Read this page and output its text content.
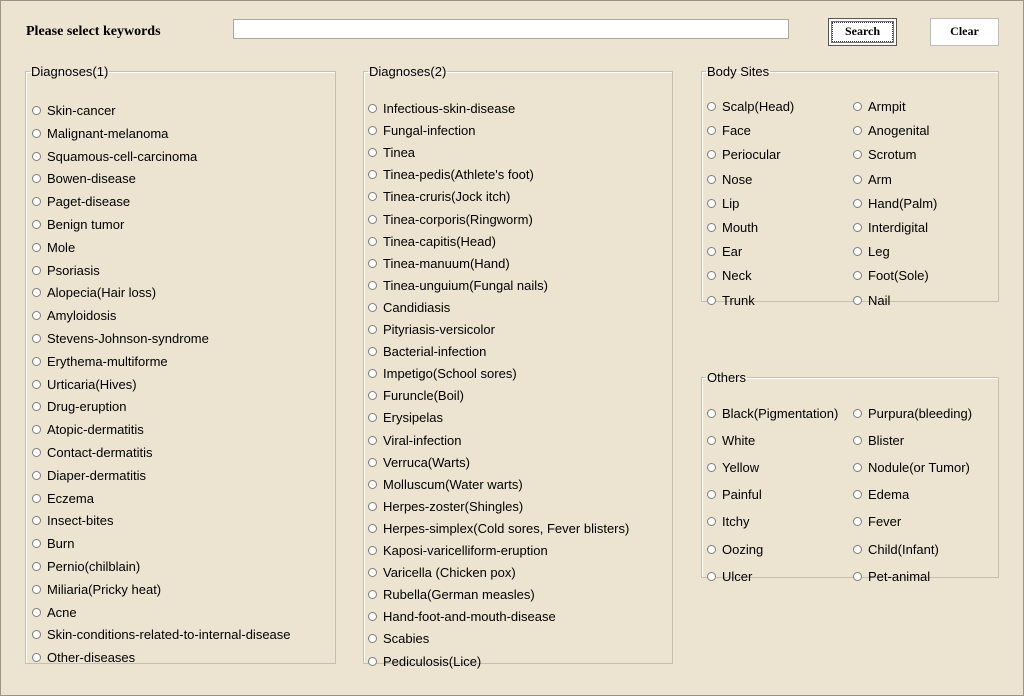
Please select keywords	Search	Clear
Diagnoses(1)
Skin-cancer
Malignant-melanoma
Squamous-cell-carcinoma
Bowen-disease
Paget-disease
Benign tumor
Mole
Psoriasis
Alopecia(Hair loss)
Amyloidosis
Stevens-Johnson-syndrome
Erythema-multiforme
Urticaria(Hives)
Drug-eruption
Atopic-dermatitis
Contact-dermatitis
Diaper-dermatitis
Eczema
Insect-bites
Burn
Pernio(chilblain)
Miliaria(Pricky heat)
Acne
Skin-conditions-related-to-internal-disease
Other-diseases
Diagnoses(2)
Infectious-skin-disease
Fungal-infection
Tinea
Tinea-pedis(Athlete's foot)
Tinea-cruris(Jock itch)
Tinea-corporis(Ringworm)
Tinea-capitis(Head)
Tinea-manuum(Hand)
Tinea-unguium(Fungal nails)
Candidiasis
Pityriasis-versicolor
Bacterial-infection
Impetigo(School sores)
Furuncle(Boil)
Erysipelas
Viral-infection
Verruca(Warts)
Molluscum(Water warts)
Herpes-zoster(Shingles)
Herpes-simplex(Cold sores, Fever blisters)
Kaposi-varicelliform-eruption
Varicella (Chicken pox)
Rubella(German measles)
Hand-foot-and-mouth-disease
Scabies
Pediculosis(Lice)
Body Sites
Scalp(Head)
Face
Periocular
Nose
Lip
Mouth
Ear
Neck
Trunk
Armpit
Anogenital
Scrotum
Arm
Hand(Palm)
Interdigital
Leg
Foot(Sole)
Nail
Others
Black(Pigmentation)
White
Yellow
Painful
Itchy
Oozing
Ulcer
Purpura(bleeding)
Blister
Nodule(or Tumor)
Edema
Fever
Child(Infant)
Pet-animal
